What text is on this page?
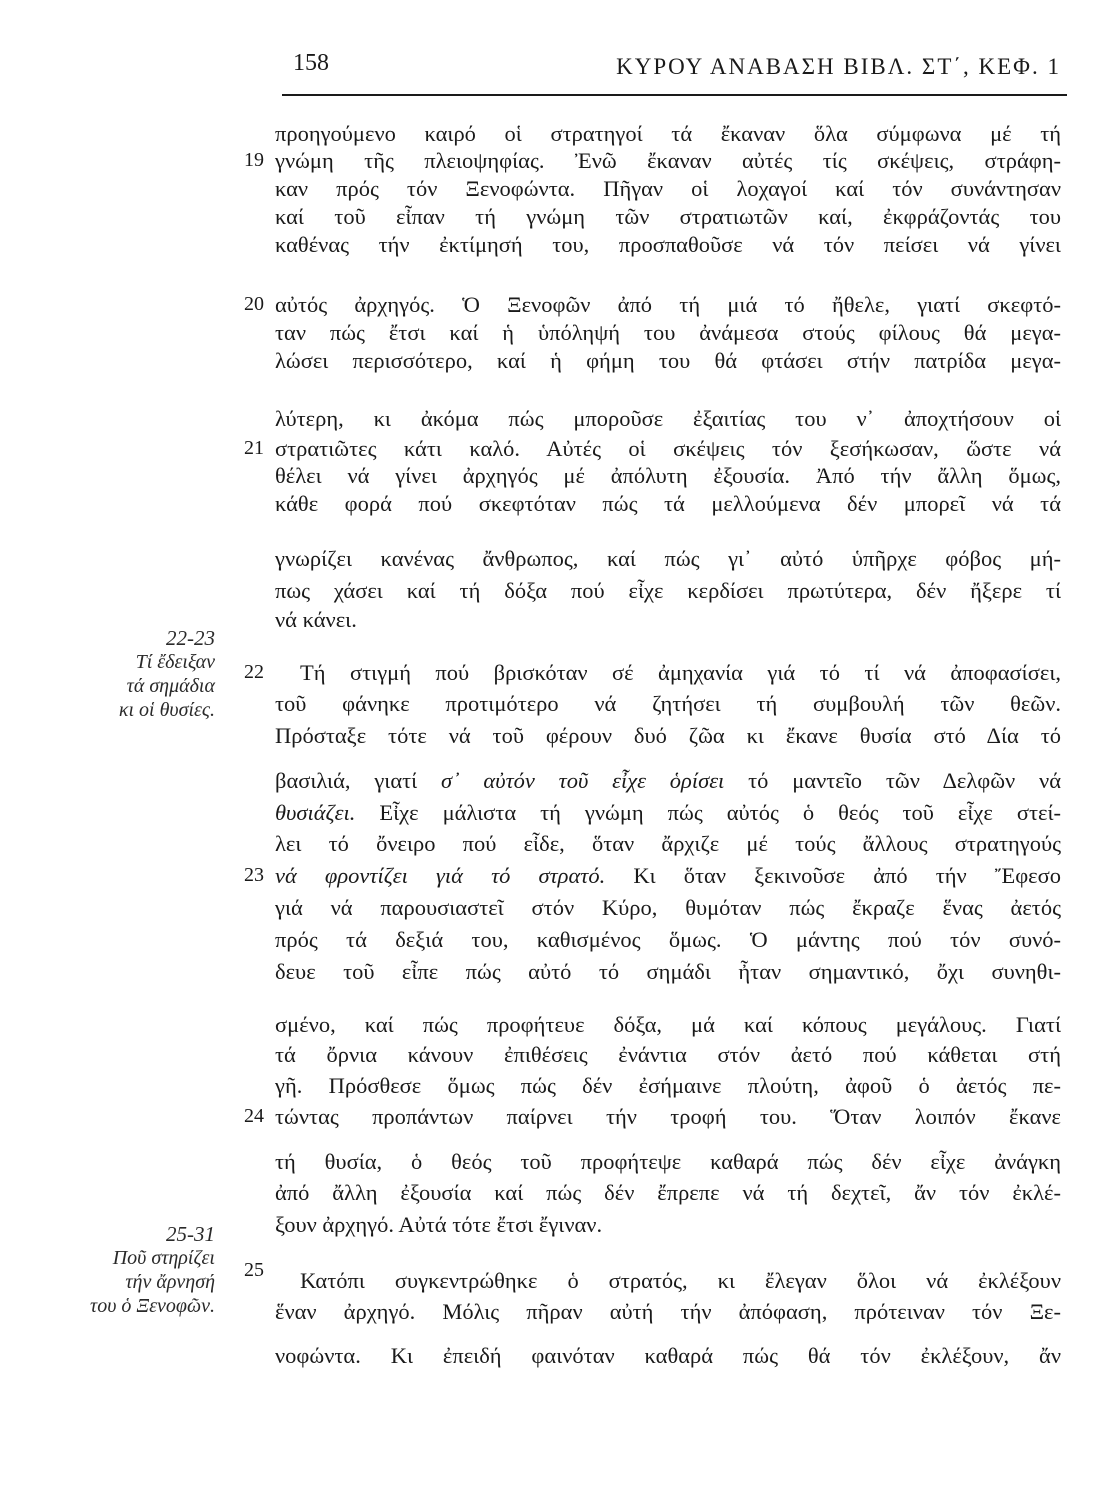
158	ΚΥΡΟΥ ΑΝΑΒΑΣΗ ΒΙΒΛ. ΣΤ΄, ΚΕΦ. 1
22-23
Τί ἔδειξαν
τά σημάδια
κι οἱ θυσίες.
25-31
Ποῦ στηρίζει
τήν ἄρνησή
του ὁ Ξενοφῶν.
19
20
21
22
23
24
25
προηγούμενο καιρό οἱ στρατηγοί τά ἔκαναν ὅλα σύμφωνα μέ τή
γνώμη τῆς πλειοψηφίας. Ἐνῶ ἔκαναν αὐτές τίς σκέψεις, στράφη-
καν πρός τόν Ξενοφώντα. Πῆγαν οἱ λοχαγοί καί τόν συνάντησαν
καί τοῦ εἶπαν τή γνώμη τῶν στρατιωτῶν καί, ἐκφράζοντάς του
καθένας τήν ἐκτίμησή του, προσπαθοῦσε νά τόν πείσει νά γίνει
αὐτός ἀρχηγός. Ὁ Ξενοφῶν ἀπό τή μιά τό ἤθελε, γιατί σκεφτό-
ταν πώς ἔτσι καί ἡ ὑπόληψή του ἀνάμεσα στούς φίλους θά μεγα-
λώσει περισσότερο, καί ἡ φήμη του θά φτάσει στήν πατρίδα μεγα-
λύτερη, κι ἀκόμα πώς μποροῦσε ἐξαιτίας του ν᾽ ἀποχτήσουν οἱ
στρατιῶτες κάτι καλό. Αὐτές οἱ σκέψεις τόν ξεσήκωσαν, ὥστε νά
θέλει νά γίνει ἀρχηγός μέ ἀπόλυτη ἐξουσία. Ἀπό τήν ἄλλη ὅμως,
κάθε φορά πού σκεφτόταν πώς τά μελλούμενα δέν μπορεῖ νά τά
γνωρίζει κανένας ἄνθρωπος, καί πώς γι᾽ αὐτό ὑπῆρχε φόβος μή-
πως χάσει καί τή δόξα πού εἶχε κερδίσει πρωτύτερα, δέν ἤξερε τί
νά κάνει.
Τή στιγμή πού βρισκόταν σέ ἀμηχανία γιά τό τί νά ἀποφασίσει,
τοῦ φάνηκε προτιμότερο νά ζητήσει τή συμβουλή τῶν θεῶν.
Πρόσταξε τότε νά τοῦ φέρουν δυό ζῶα κι ἔκανε θυσία στό Δία τό
βασιλιά, γιατί σ᾽ αὐτόν τοῦ εἶχε ὁρίσει τό μαντεῖο τῶν Δελφῶν νά
θυσιάζει. Εἶχε μάλιστα τή γνώμη πώς αὐτός ὁ θεός τοῦ εἶχε στεί-
λει τό ὄνειρο πού εἶδε, ὅταν ἄρχιζε μέ τούς ἄλλους στρατηγούς
νά φροντίζει γιά τό στρατό. Κι ὅταν ξεκινοῦσε ἀπό τήν Ἔφεσο
γιά νά παρουσιαστεῖ στόν Κύρο, θυμόταν πώς ἔκραζε ἕνας ἀετός
πρός τά δεξιά του, καθισμένος ὅμως. Ὁ μάντης πού τόν συνό-
δευε τοῦ εἶπε πώς αὐτό τό σημάδι ἦταν σημαντικό, ὄχι συνηθι-
σμένο, καί πώς προφήτευε δόξα, μά καί κόπους μεγάλους. Γιατί
τά ὄρνια κάνουν ἐπιθέσεις ἐνάντια στόν ἀετό πού κάθεται στή
γῆ. Πρόσθεσε ὅμως πώς δέν ἐσήμαινε πλούτη, ἀφοῦ ὁ ἀετός πε-
τώντας προπάντων παίρνει τήν τροφή του. Ὅταν λοιπόν ἔκανε
τή θυσία, ὁ θεός τοῦ προφήτεψε καθαρά πώς δέν εἶχε ἀνάγκη
ἀπό ἄλλη ἐξουσία καί πώς δέν ἔπρεπε νά τή δεχτεῖ, ἄν τόν ἐκλέ-
ξουν ἀρχηγό. Αὐτά τότε ἔτσι ἔγιναν.
Κατόπι συγκεντρώθηκε ὁ στρατός, κι ἔλεγαν ὅλοι νά ἐκλέξουν
ἕναν ἀρχηγό. Μόλις πῆραν αὐτή τήν ἀπόφαση, πρότειναν τόν Ξε-
νοφώντα. Κι ἐπειδή φαινόταν καθαρά πώς θά τόν ἐκλέξουν, ἄν
